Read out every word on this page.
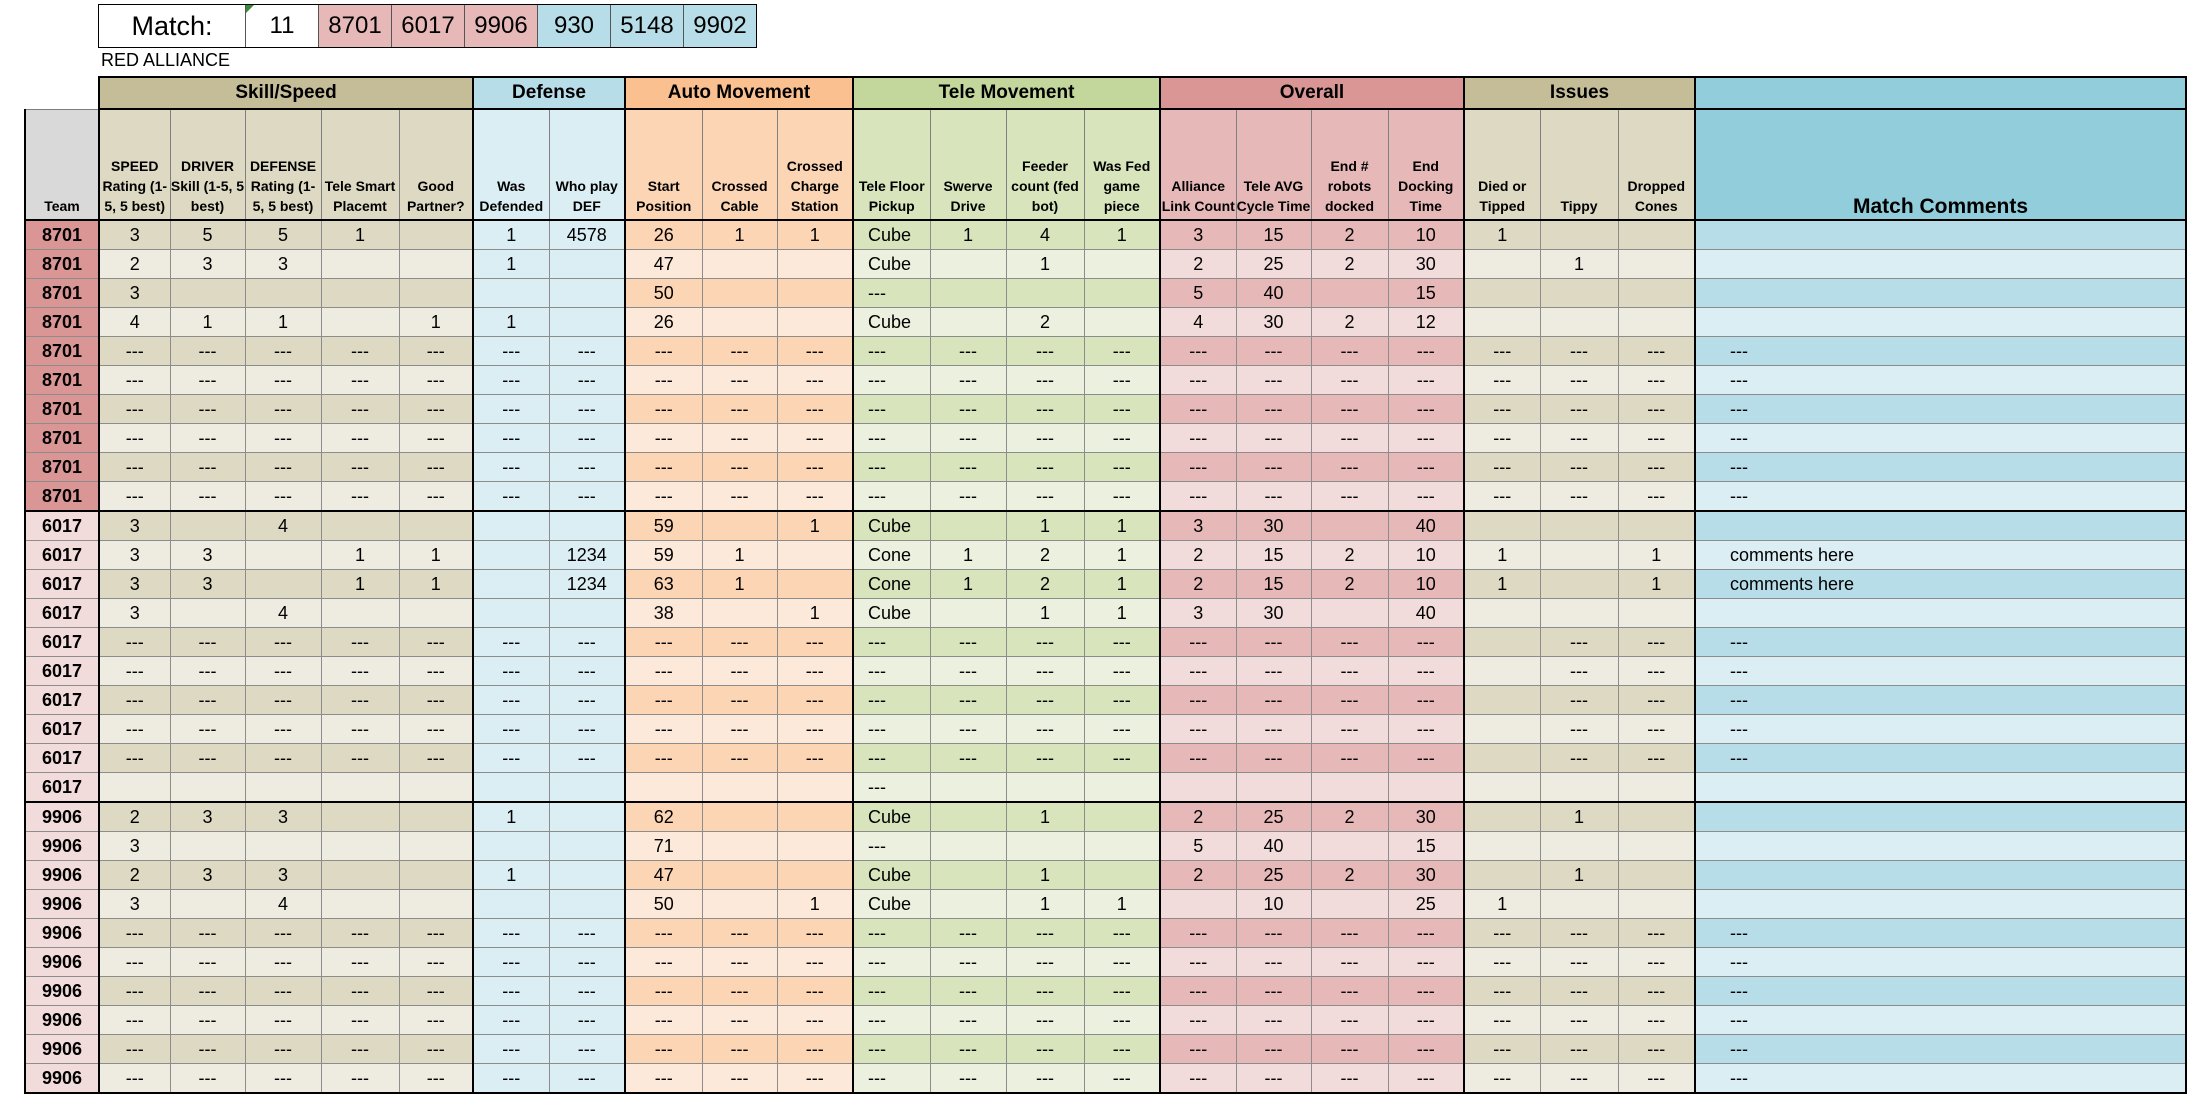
Match:	11	8701 6017 9906	930	5148 9902
RED ALLIANCE
	Skill/Speed					Defense		Auto Movement			Tele Movement				Overall				Issues			
Team	SPEED Rating (1-5, 5 best)	DRIVER Skill (1-5, 5 best)	DEFENSE Rating (1-5, 5 best)	Tele Smart Placemt	Good Partner?	Was Defended	Who play DEF	Start Position	Crossed Cable	Crossed Charge Station	Tele Floor Pickup	Swerve Drive	Feeder count (fed bot)	Was Fed game piece	Alliance Link Count	Tele AVG Cycle Time	End # robots docked	End Docking Time	Died or Tipped	Tippy	Dropped Cones	Match Comments
8701	3	5	5	1		1	4578	26	1	1	Cube	1	4	1	3	15	2	10	1			
8701	2	3	3			1		47			Cube		1		2	25	2	30		1		
8701	3							50			---				5	40		15				
8701	4	1	1		1	1		26			Cube		2		4	30	2	12				
8701	---	---	---	---	---	---	---	---	---	---	---	---	---	---	---	---	---	---	---	---	---	---
8701	---	---	---	---	---	---	---	---	---	---	---	---	---	---	---	---	---	---	---	---	---	---
8701	---	---	---	---	---	---	---	---	---	---	---	---	---	---	---	---	---	---	---	---	---	---
8701	---	---	---	---	---	---	---	---	---	---	---	---	---	---	---	---	---	---	---	---	---	---
8701	---	---	---	---	---	---	---	---	---	---	---	---	---	---	---	---	---	---	---	---	---	---
8701	---	---	---	---	---	---	---	---	---	---	---	---	---	---	---	---	---	---	---	---	---	---
6017	3		4					59		1	Cube		1	1	3	30		40				
6017	3	3		1	1		1234	59	1		Cone	1	2	1	2	15	2	10	1		1	comments here
6017	3	3		1	1		1234	63	1		Cone	1	2	1	2	15	2	10	1		1	comments here
6017	3		4					38		1	Cube		1	1	3	30		40				
6017	---	---	---	---	---	---	---	---	---	---	---	---	---	---	---	---	---	---		---	---	---
6017	---	---	---	---	---	---	---	---	---	---	---	---	---	---	---	---	---	---		---	---	---
6017	---	---	---	---	---	---	---	---	---	---	---	---	---	---	---	---	---	---		---	---	---
6017	---	---	---	---	---	---	---	---	---	---	---	---	---	---	---	---	---	---		---	---	---
6017	---	---	---	---	---	---	---	---	---	---	---	---	---	---	---	---	---	---		---	---	---
6017											---											
9906	2	3	3			1		62			Cube		1		2	25	2	30		1		
9906	3							71			---				5	40		15				
9906	2	3	3			1		47			Cube		1		2	25	2	30		1		
9906	3		4					50		1	Cube		1	1		10		25	1			
9906	---	---	---	---	---	---	---	---	---	---	---	---	---	---	---	---	---	---	---	---	---	---
9906	---	---	---	---	---	---	---	---	---	---	---	---	---	---	---	---	---	---	---	---	---	---
9906	---	---	---	---	---	---	---	---	---	---	---	---	---	---	---	---	---	---	---	---	---	---
9906	---	---	---	---	---	---	---	---	---	---	---	---	---	---	---	---	---	---	---	---	---	---
9906	---	---	---	---	---	---	---	---	---	---	---	---	---	---	---	---	---	---	---	---	---	---
9906	---	---	---	---	---	---	---	---	---	---	---	---	---	---	---	---	---	---	---	---	---	---
